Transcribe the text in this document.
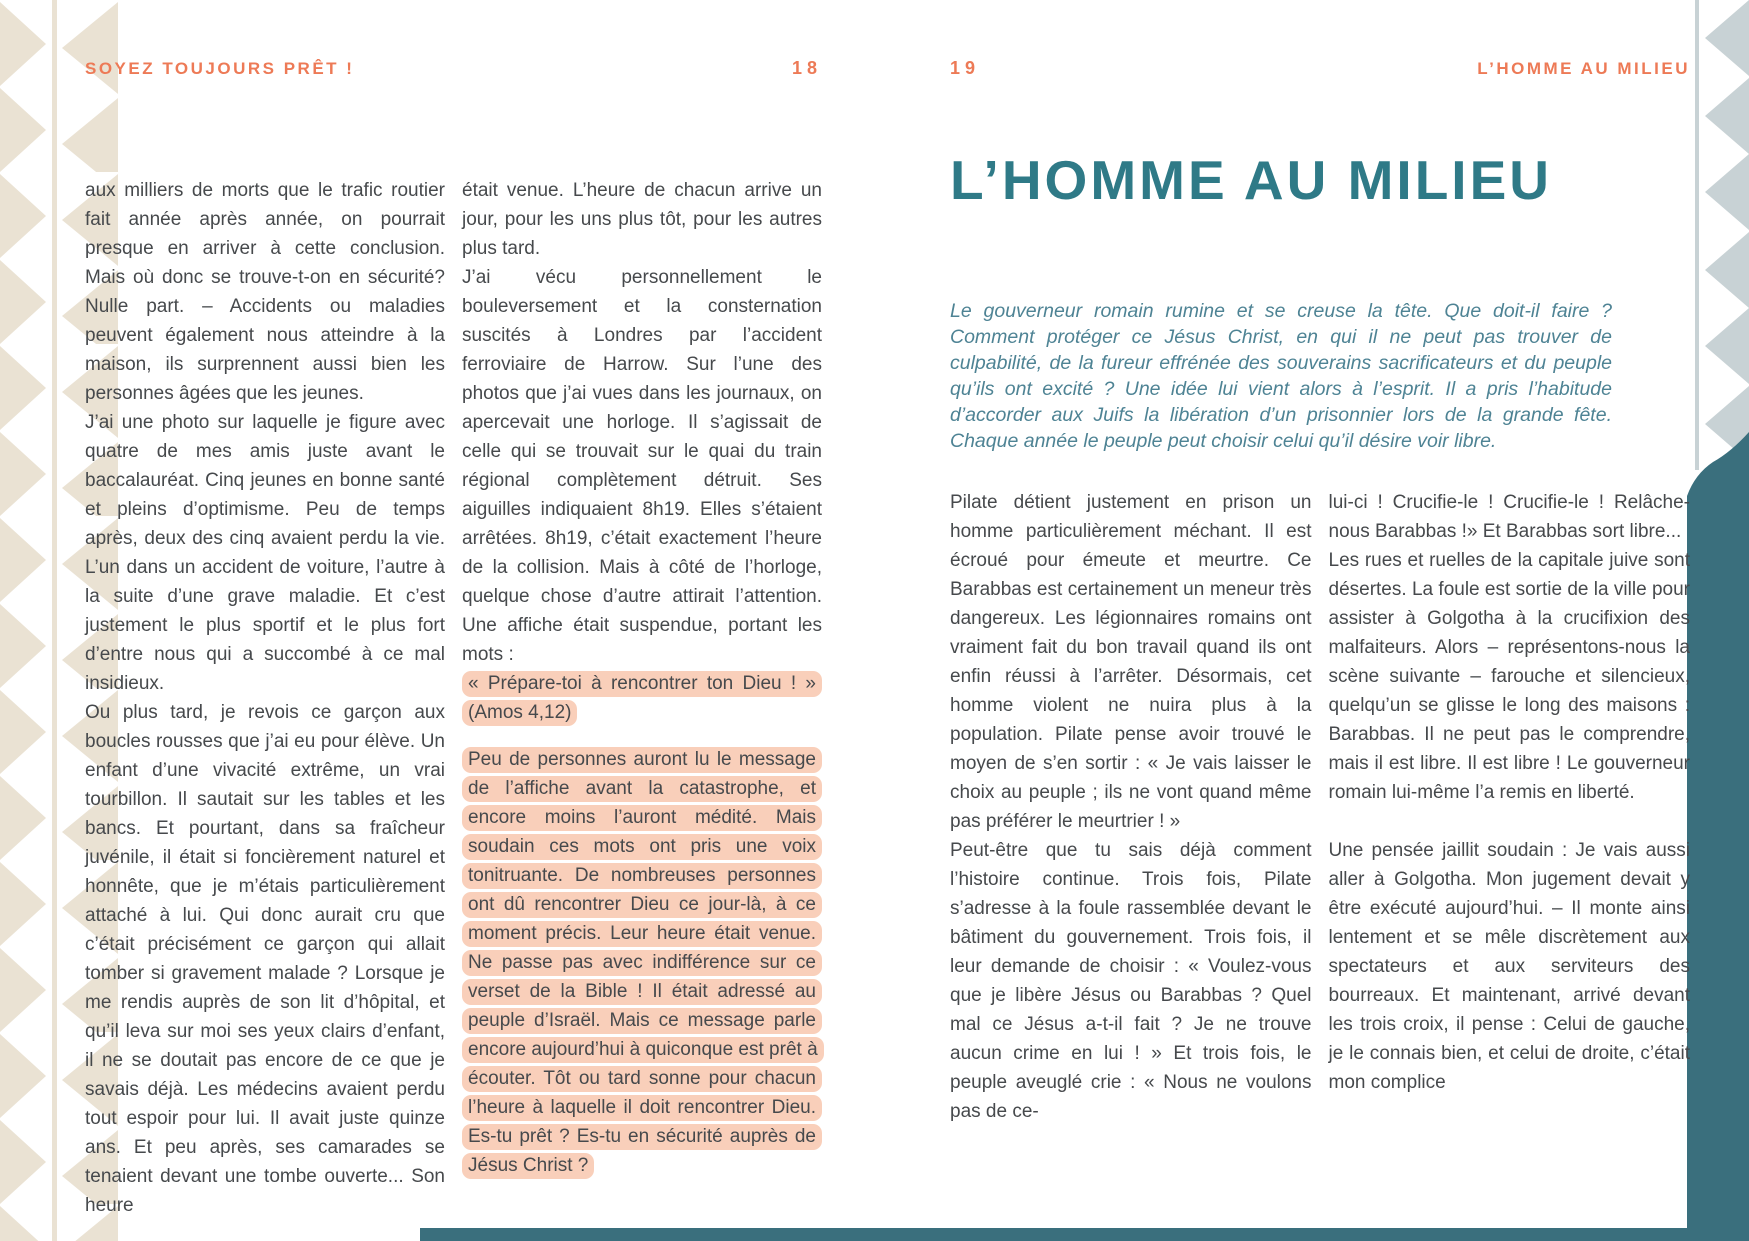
SOYEZ TOUJOURS PRÊT !	18

aux milliers de morts que le trafic routier fait année après année, on pourrait presque en arriver à cette conclusion. Mais où donc se trouve-t-on en sécurité? Nulle part. – Accidents ou maladies peuvent également nous atteindre à la maison, ils surprennent aussi bien les personnes âgées que les jeunes.

J’ai une photo sur laquelle je figure avec quatre de mes amis juste avant le baccalauréat. Cinq jeunes en bonne santé et pleins d’optimisme. Peu de temps après, deux des cinq avaient perdu la vie. L’un dans un accident de voiture, l’autre à la suite d’une grave maladie. Et c’est justement le plus sportif et le plus fort d’entre nous qui a succombé à ce mal insidieux.

Ou plus tard, je revois ce garçon aux boucles rousses que j’ai eu pour élève. Un enfant d’une vivacité extrême, un vrai tourbillon. Il sautait sur les tables et les bancs. Et pourtant, dans sa fraîcheur juvénile, il était si foncièrement naturel et honnête, que je m’étais particulièrement attaché à lui. Qui donc aurait cru que c’était précisément ce garçon qui allait tomber si gravement malade ? Lorsque je me rendis auprès de son lit d’hôpital, et qu’il leva sur moi ses yeux clairs d’enfant, il ne se doutait pas encore de ce que je savais déjà. Les médecins avaient perdu tout espoir pour lui. Il avait juste quinze ans. Et peu après, ses camarades se tenaient devant une tombe ouverte... Son heure

était venue. L’heure de chacun arrive un jour, pour les uns plus tôt, pour les autres plus tard.

J’ai vécu personnellement le bouleversement et la consternation suscités à Londres par l’accident ferroviaire de Harrow. Sur l’une des photos que j’ai vues dans les journaux, on apercevait une horloge. Il s’agissait de celle qui se trouvait sur le quai du train régional complètement détruit. Ses aiguilles indiquaient 8h19. Elles s’étaient arrêtées. 8h19, c’était exactement l’heure de la collision. Mais à côté de l’horloge, quelque chose d’autre attirait l’attention. Une affiche était suspendue, portant les mots :

« Prépare-toi à rencontrer ton Dieu ! » (Amos 4,12)

Peu de personnes auront lu le message de l’affiche avant la catastrophe, et encore moins l’auront médité. Mais soudain ces mots ont pris une voix tonitruante. De nombreuses personnes ont dû rencontrer Dieu ce jour-là, à ce moment précis. Leur heure était venue. Ne passe pas avec indifférence sur ce verset de la Bible ! Il était adressé au peuple d’Israël. Mais ce message parle encore aujourd’hui à quiconque est prêt à écouter. Tôt ou tard sonne pour chacun l’heure à laquelle il doit rencontrer Dieu. Es-tu prêt ? Es-tu en sécurité auprès de Jésus Christ ?

19	L’HOMME AU MILIEU
L’HOMME AU MILIEU

Le gouverneur romain rumine et se creuse la tête. Que doit-il faire ? Comment protéger ce Jésus Christ, en qui il ne peut pas trouver de culpabilité, de la fureur effrénée des souverains sacrificateurs et du peuple qu’ils ont excité ? Une idée lui vient alors à l’esprit. Il a pris l’habitude d’accorder aux Juifs la libération d’un prisonnier lors de la grande fête. Chaque année le peuple peut choisir celui qu’il désire voir libre.

Pilate détient justement en prison un homme particulièrement méchant. Il est écroué pour émeute et meurtre. Ce Barabbas est certainement un meneur très dangereux. Les légionnaires romains ont vraiment fait du bon travail quand ils ont enfin réussi à l’arrêter. Désormais, cet homme violent ne nuira plus à la population. Pilate pense avoir trouvé le moyen de s’en sortir : « Je vais laisser le choix au peuple ; ils ne vont quand même pas préférer le meurtrier ! »

Peut-être que tu sais déjà comment l’histoire continue. Trois fois, Pilate s’adresse à la foule rassemblée devant le bâtiment du gouvernement. Trois fois, il leur demande de choisir : « Voulez-vous que je libère Jésus ou Barabbas ? Quel mal ce Jésus a-t-il fait ? Je ne trouve aucun crime en lui ! » Et trois fois, le peuple aveuglé crie : « Nous ne voulons pas de ce-

lui-ci ! Crucifie-le ! Crucifie-le ! Relâche-nous Barabbas !» Et Barabbas sort libre...

Les rues et ruelles de la capitale juive sont désertes. La foule est sortie de la ville pour assister à Golgotha à la crucifixion des malfaiteurs. Alors – représentons-nous la scène suivante – farouche et silencieux, quelqu’un se glisse le long des maisons : Barabbas. Il ne peut pas le comprendre, mais il est libre. Il est libre ! Le gouverneur romain lui-même l’a remis en liberté.

Une pensée jaillit soudain : Je vais aussi aller à Golgotha. Mon jugement devait y être exécuté aujourd’hui. – Il monte ainsi lentement et se mêle discrètement aux spectateurs et aux serviteurs des bourreaux. Et maintenant, arrivé devant les trois croix, il pense : Celui de gauche, je le connais bien, et celui de droite, c’était mon complice
